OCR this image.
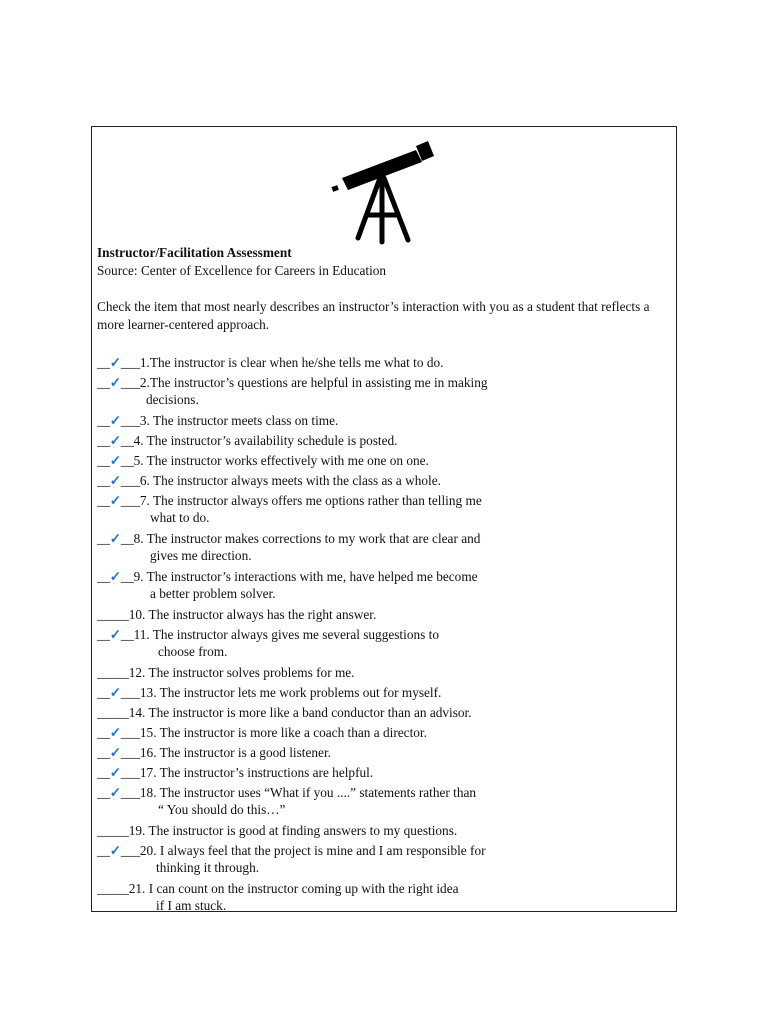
Instructor/Facilitation Assessment
Source: Center of Excellence for Careers in Education
Check the item that most nearly describes an instructor’s interaction with you as a student that reflects a more learner-centered approach.
__✓___1.The instructor is clear when he/she tells me what to do.
__✓___2.The instructor’s questions are helpful in assisting me in making
decisions.
__✓___3. The instructor meets class on time.
__✓__4. The instructor’s availability schedule is posted.
__✓__5. The instructor works effectively with me one on one.
__✓___6. The instructor always meets with the class as a whole.
__✓___7. The instructor always offers me options rather than telling me
what to do.
__✓__8. The instructor makes corrections to my work that are clear and
gives me direction.
__✓__9. The instructor’s interactions with me, have helped me become
a better problem solver.
_____10. The instructor always has the right answer.
__✓__11. The instructor always gives me several suggestions to
choose from.
_____12. The instructor solves problems for me.
__✓___13. The instructor lets me work problems out for myself.
_____14. The instructor is more like a band conductor than an advisor.
__✓___15. The instructor is more like a coach than a director.
__✓___16. The instructor is a good listener.
__✓___17. The instructor’s instructions are helpful.
__✓___18. The instructor uses “What if you ....” statements rather than
“ You should do this…”
_____19. The instructor is good at finding answers to my questions.
__✓___20. I always feel that the project is mine and I am responsible for
thinking it through.
_____21. I can count on the instructor coming up with the right idea
if I am stuck.
